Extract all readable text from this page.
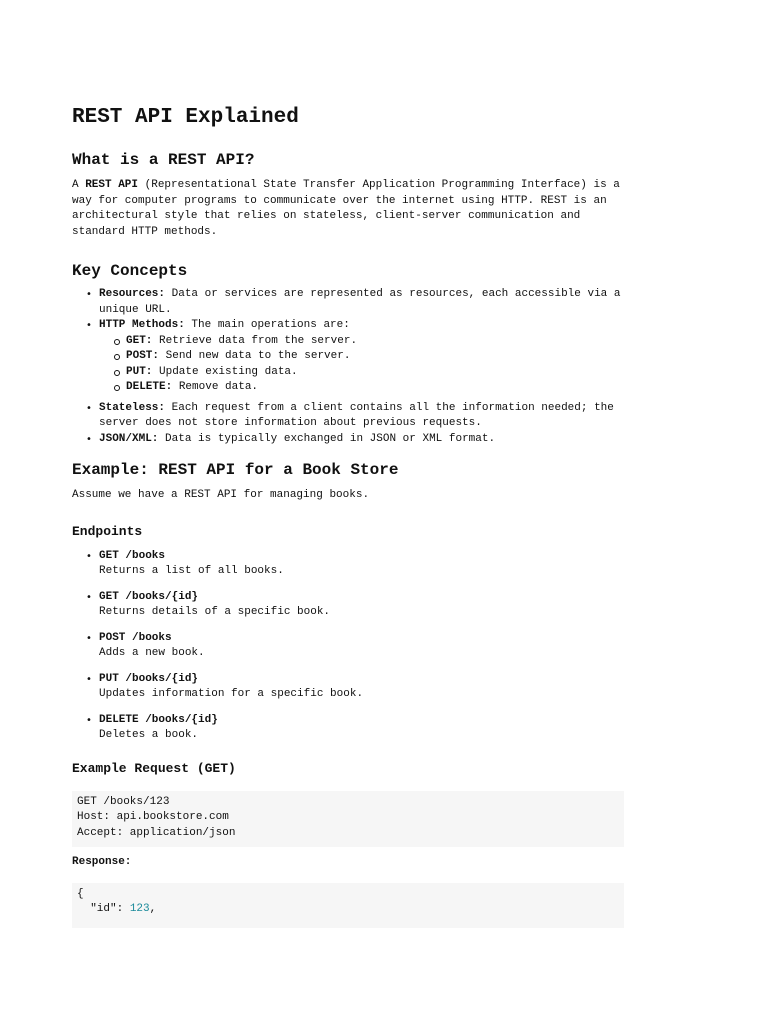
REST API Explained
What is a REST API?

A REST API (Representational State Transfer Application Programming Interface) is a way for computer programs to communicate over the internet using HTTP. REST is an architectural style that relies on stateless, client-server communication and standard HTTP methods.

Key Concepts
• Resources: Data or services are represented as resources, each accessible via a unique URL.
• HTTP Methods: The main operations are:
GET: Retrieve data from the server.
POST: Send new data to the server.
PUT: Update existing data.
DELETE: Remove data.
• Stateless: Each request from a client contains all the information needed; the server does not store information about previous requests.
• JSON/XML: Data is typically exchanged in JSON or XML format.
Example: REST API for a Book Store

Assume we have a REST API for managing books.

Endpoints
• GET /books
Returns a list of all books.
• GET /books/{id}
Returns details of a specific book.
• POST /books
Adds a new book.
• PUT /books/{id}
Updates information for a specific book.
• DELETE /books/{id}
Deletes a book.
Example Request (GET)
GET /books/123
Host: api.bookstore.com
Accept: application/json

Response:

{
"id": 123,
